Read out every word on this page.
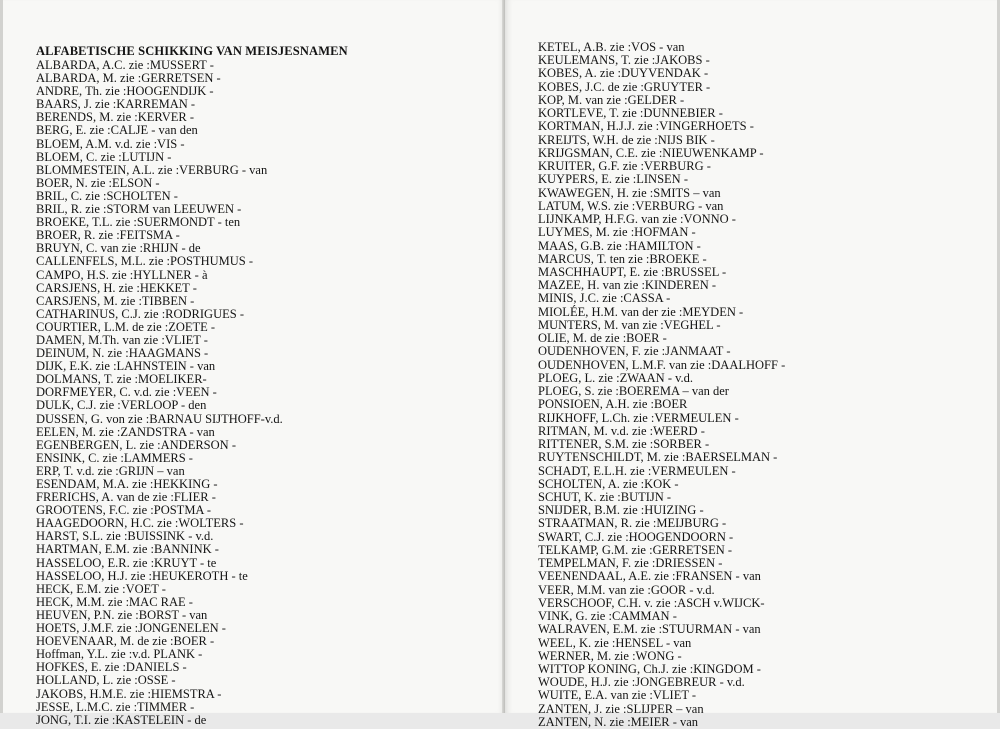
ALFABETISCHE SCHIKKING VAN MEISJESNAMEN

ALBARDA, A.C. zie :MUSSERT -
ALBARDA, M. zie :GERRETSEN -
ANDRE, Th. zie :HOOGENDIJK -
BAARS, J. zie :KARREMAN -
BERENDS, M. zie :KERVER -
BERG, E. zie :CALJE - van den
BLOEM, A.M. v.d. zie :VIS -
BLOEM, C. zie :LUTIJN -
BLOMMESTEIN, A.L. zie :VERBURG - van
BOER, N. zie :ELSON -
BRIL, C. zie :SCHOLTEN -
BRIL, R. zie :STORM van LEEUWEN -
BROEKE, T.L. zie :SUERMONDT - ten
BROER, R. zie :FEITSMA -
BRUYN, C. van zie :RHIJN - de
CALLENFELS, M.L. zie :POSTHUMUS -
CAMPO, H.S. zie :HYLLNER - à
CARSJENS, H. zie :HEKKET -
CARSJENS, M. zie :TIBBEN -
CATHARINUS, C.J. zie :RODRIGUES -
COURTIER, L.M. de zie :ZOETE -
DAMEN, M.Th. van zie :VLIET -
DEINUM, N. zie :HAAGMANS -
DIJK, E.K. zie :LAHNSTEIN - van
DOLMANS, T. zie :MOELIKER-
DORFMEYER, C. v.d. zie :VEEN -
DULK, C.J. zie :VERLOOP - den
DUSSEN, G. von zie :BARNAU SIJTHOFF-v.d.
EELEN, M. zie :ZANDSTRA - van
EGENBERGEN, L. zie :ANDERSON -
ENSINK, C. zie :LAMMERS -
ERP, T. v.d. zie :GRIJN – van
ESENDAM, M.A. zie :HEKKING -
FRERICHS, A. van de zie :FLIER -
GROOTENS, F.C. zie :POSTMA -
HAAGEDOORN, H.C. zie :WOLTERS -
HARST, S.L. zie :BUISSINK - v.d.
HARTMAN, E.M. zie :BANNINK -
HASSELOO, E.R. zie :KRUYT - te
HASSELOO, H.J. zie :HEUKEROTH - te
HECK, E.M. zie :VOET -
HECK, M.M. zie :MAC RAE -
HEUVEN, P.N. zie :BORST - van
HOETS, J.M.F. zie :JONGENELEN -
HOEVENAAR, M. de zie :BOER -
Hoffman, Y.L. zie :v.d. PLANK -
HOFKES, E. zie :DANIELS -
HOLLAND, L. zie :OSSE -
JAKOBS, H.M.E. zie :HIEMSTRA -
JESSE, L.M.C. zie :TIMMER -
JONG, T.I. zie :KASTELEIN - de
KETEL, A.B. zie :VOS - van
KEULEMANS, T. zie :JAKOBS -
KOBES, A. zie :DUYVENDAK -
KOBES, J.C. de zie :GRUYTER -
KOP, M. van zie :GELDER -
KORTLEVE, T. zie :DUNNEBIER -
KORTMAN, H.J.J. zie :VINGERHOETS -
KREIJTS, W.H. de zie :NIJS BIK -
KRIJGSMAN, C.E. zie :NIEUWENKAMP -
KRUITER, G.F. zie :VERBURG -
KUYPERS, E. zie :LINSEN -
KWAWEGEN, H. zie :SMITS – van
LATUM, W.S. zie :VERBURG - van
LIJNKAMP, H.F.G. van zie :VONNO -
LUYMES, M. zie :HOFMAN -
MAAS, G.B. zie :HAMILTON -
MARCUS, T. ten zie :BROEKE -
MASCHHAUPT, E. zie :BRUSSEL -
MAZEE, H. van zie :KINDEREN -
MINIS, J.C. zie :CASSA -
MIOLÉE, H.M. van der zie :MEYDEN -
MUNTERS, M. van zie :VEGHEL -
OLIE, M. de zie :BOER -
OUDENHOVEN, F. zie :JANMAAT -
OUDENHOVEN, L.M.F. van zie :DAALHOFF -
PLOEG, L. zie :ZWAAN - v.d.
PLOEG, S. zie :BOEREMA – van der
PONSIOEN, A.H. zie :BOER
RIJKHOFF, L.Ch. zie :VERMEULEN -
RITMAN, M. v.d. zie :WEERD -
RITTENER, S.M. zie :SORBER -
RUYTENSCHILDT, M. zie :BAERSELMAN -
SCHADT, E.L.H. zie :VERMEULEN -
SCHOLTEN, A. zie :KOK -
SCHUT, K. zie :BUTIJN -
SNIJDER, B.M. zie :HUIZING -
STRAATMAN, R. zie :MEIJBURG -
SWART, C.J. zie :HOOGENDOORN -
TELKAMP, G.M. zie :GERRETSEN -
TEMPELMAN, F. zie :DRIESSEN -
VEENENDAAL, A.E. zie :FRANSEN - van
VEER, M.M. van zie :GOOR - v.d.
VERSCHOOF, C.H. v. zie :ASCH v.WIJCK-
VINK, G. zie :CAMMAN -
WALRAVEN, E.M. zie :STUURMAN - van
WEEL, K. zie :HENSEL - van
WERNER, M. zie :WONG -
WITTOP KONING, Ch.J. zie :KINGDOM -
WOUDE, H.J. zie :JONGEBREUR - v.d.
WUITE, E.A. van zie :VLIET -
ZANTEN, J. zie :SLIJPER – van
ZANTEN, N. zie :MEIER - van
